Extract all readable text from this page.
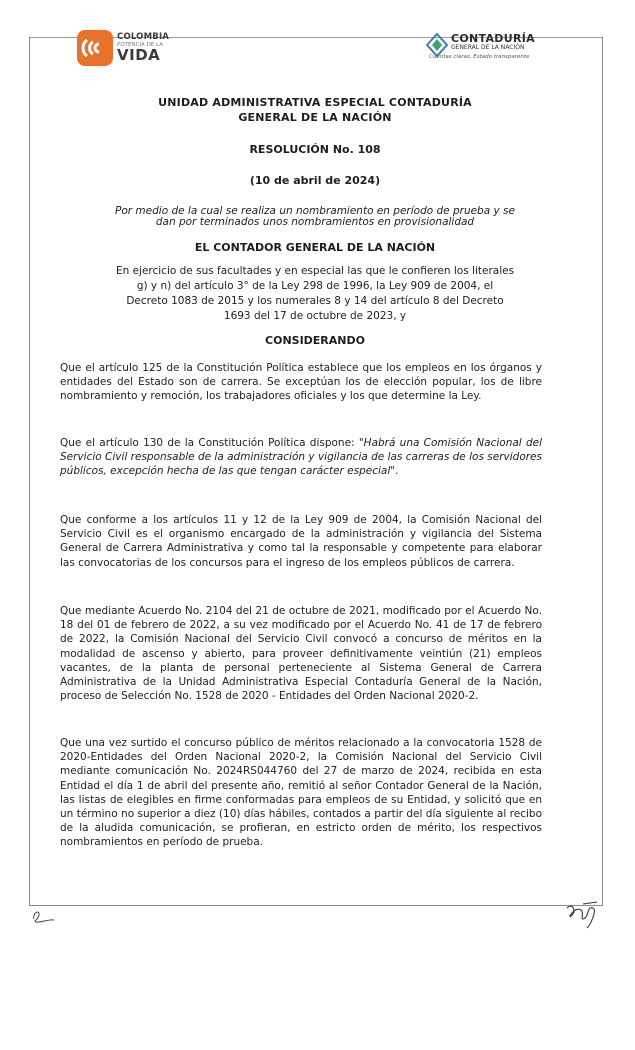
COLOMBIA
POTENCIA DE LA
VIDA
CONTADURÍA
GENERAL DE LA NACIÓN
Cuentas claras, Estado transparente
UNIDAD ADMINISTRATIVA ESPECIAL CONTADURÍA
GENERAL DE LA NACIÓN
RESOLUCIÓN No. 108
(10 de abril de 2024)
Por medio de la cual se realiza un nombramiento en período de prueba y se
dan por terminados unos nombramientos en provisionalidad
EL CONTADOR GENERAL DE LA NACIÓN
En ejercicio de sus facultades y en especial las que le confieren los literales
g) y n) del artículo 3° de la Ley 298 de 1996, la Ley 909 de 2004, el
Decreto 1083 de 2015 y los numerales 8 y 14 del artículo 8 del Decreto
1693 del 17 de octubre de 2023, y
CONSIDERANDO
Que el artículo 125 de la Constitución Política establece que los empleos en los órganos y entidades del Estado son de carrera. Se exceptúan los de elección popular, los de libre nombramiento y remoción, los trabajadores oficiales y los que determine la Ley.
Que el artículo 130 de la Constitución Política dispone: "Habrá una Comisión Nacional del Servicio Civil responsable de la administración y vigilancia de las carreras de los servidores públicos, excepción hecha de las que tengan carácter especial".
Que conforme a los artículos 11 y 12 de la Ley 909 de 2004, la Comisión Nacional del Servicio Civil es el organismo encargado de la administración y vigilancia del Sistema General de Carrera Administrativa y como tal la responsable y competente para elaborar las convocatorias de los concursos para el ingreso de los empleos públicos de carrera.
Que mediante Acuerdo No. 2104 del 21 de octubre de 2021, modificado por el Acuerdo No. 18 del 01 de febrero de 2022, a su vez modificado por el Acuerdo No. 41 de 17 de febrero de 2022, la Comisión Nacional del Servicio Civil convocó a concurso de méritos en la modalidad de ascenso y abierto, para proveer definitivamente veintiún (21) empleos vacantes, de la planta de personal perteneciente al Sistema General de Carrera Administrativa de la Unidad Administrativa Especial Contaduría General de la Nación, proceso de Selección No. 1528 de 2020 - Entidades del Orden Nacional 2020-2.
Que una vez surtido el concurso público de méritos relacionado a la convocatoria 1528 de 2020-Entidades del Orden Nacional 2020-2, la Comisión Nacional del Servicio Civil mediante comunicación No. 2024RS044760 del 27 de marzo de 2024, recibida en esta Entidad el día 1 de abril del presente año, remitió al señor Contador General de la Nación, las listas de elegibles en firme conformadas para empleos de su Entidad, y solicitó que en un término no superior a diez (10) días hábiles, contados a partir del día siguiente al recibo de la aludida comunicación, se profieran, en estricto orden de mérito, los respectivos nombramientos en período de prueba.
